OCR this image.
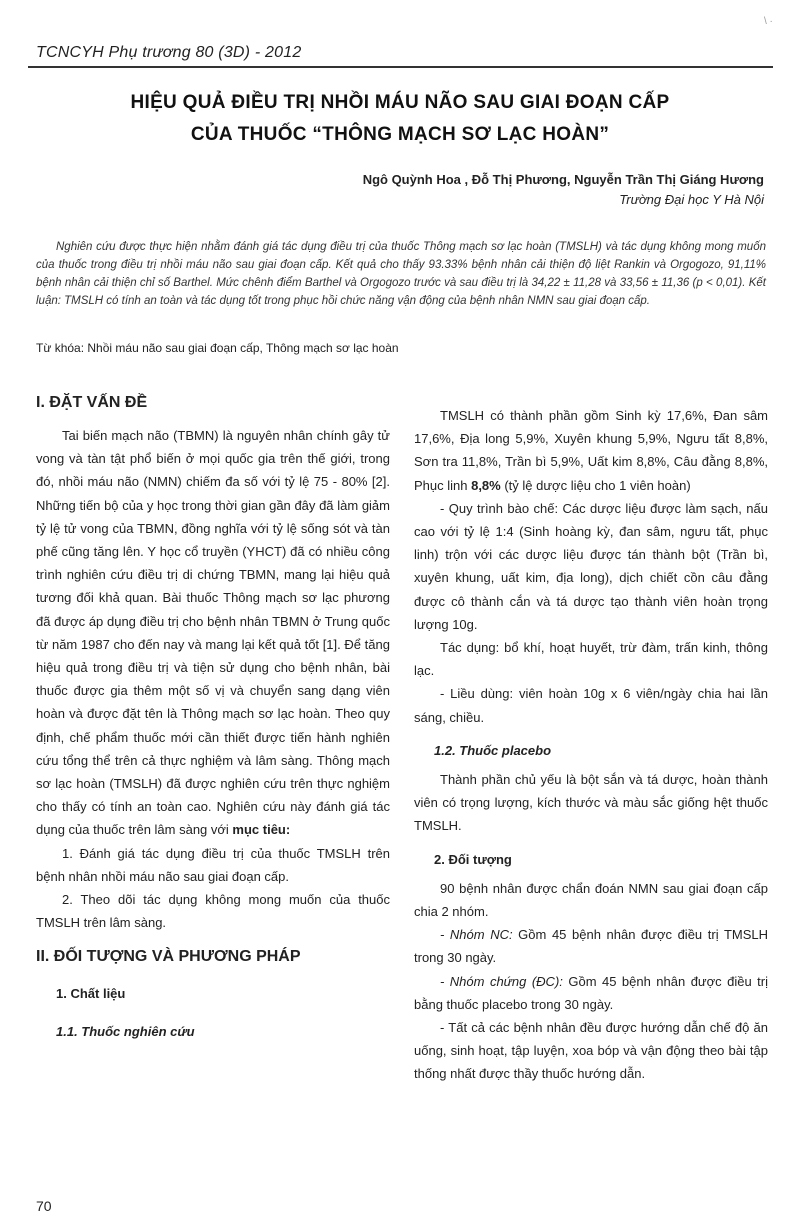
TCNCYH Phụ trương 80 (3D) - 2012
\ ·
HIỆU QUẢ ĐIỀU TRỊ NHỒI MÁU NÃO SAU GIAI ĐOẠN CẤP
CỦA THUỐC “THÔNG MẠCH SƠ LẠC HOÀN”
Ngô Quỳnh Hoa , Đỗ Thị Phương, Nguyễn Trần Thị Giáng Hương
Trường Đại học Y Hà Nội

Nghiên cứu được thực hiện nhằm đánh giá tác dụng điều trị của thuốc Thông mạch sơ lạc hoàn (TMSLH) và tác dụng không mong muốn của thuốc trong điều trị nhồi máu não sau giai đoạn cấp. Kết quả cho thấy 93.33% bệnh nhân cải thiện độ liệt Rankin và Orgogozo, 91,11% bệnh nhân cải thiện chỉ số Barthel. Mức chênh điểm Barthel và Orgogozo trước và sau điều trị là 34,22 ± 11,28 và 33,56 ± 11,36 (p < 0,01). Kết luận: TMSLH có tính an toàn và tác dụng tốt trong phục hồi chức năng vận động của bệnh nhân NMN sau giai đoạn cấp.

Từ khóa: Nhồi máu não sau giai đoạn cấp, Thông mạch sơ lạc hoàn
I. ĐẶT VẤN ĐỀ

Tai biến mạch não (TBMN) là nguyên nhân chính gây tử vong và tàn tật phổ biến ở mọi quốc gia trên thế giới, trong đó, nhồi máu não (NMN) chiếm đa số với tỷ lệ 75 - 80% [2]. Những tiến bộ của y học trong thời gian gần đây đã làm giảm tỷ lệ tử vong của TBMN, đồng nghĩa với tỷ lệ sống sót và tàn phế cũng tăng lên. Y học cổ truyền (YHCT) đã có nhiều công trình nghiên cứu điều trị di chứng TBMN, mang lại hiệu quả tương đối khả quan. Bài thuốc Thông mạch sơ lạc phương đã được áp dụng điều trị cho bệnh nhân TBMN ở Trung quốc từ năm 1987 cho đến nay và mang lại kết quả tốt [1]. Để tăng hiệu quả trong điều trị và tiện sử dụng cho bệnh nhân, bài thuốc được gia thêm một số vị và chuyển sang dạng viên hoàn và được đặt tên là Thông mạch sơ lạc hoàn. Theo quy định, chế phẩm thuốc mới cần thiết được tiến hành nghiên cứu tổng thể trên cả thực nghiệm và lâm sàng. Thông mạch sơ lạc hoàn (TMSLH) đã được nghiên cứu trên thực nghiệm cho thấy có tính an toàn cao. Nghiên cứu này đánh giá tác dụng của thuốc trên lâm sàng với mục tiêu:

1. Đánh giá tác dụng điều trị của thuốc TMSLH trên bệnh nhân nhồi máu não sau giai đoạn cấp.

2. Theo dõi tác dụng không mong muốn của thuốc TMSLH trên lâm sàng.

II. ĐỐI TƯỢNG VÀ PHƯƠNG PHÁP
1. Chất liệu
1.1. Thuốc nghiên cứu

TMSLH có thành phần gồm Sinh kỳ 17,6%, Đan sâm 17,6%, Địa long 5,9%, Xuyên khung 5,9%, Ngưu tất 8,8%, Sơn tra 11,8%, Trần bì 5,9%, Uất kim 8,8%, Câu đằng 8,8%, Phục linh 8,8% (tỷ lệ dược liệu cho 1 viên hoàn)

- Quy trình bào chế: Các dược liệu được làm sạch, nấu cao với tỷ lệ 1:4 (Sinh hoàng kỳ, đan sâm, ngưu tất, phục linh) trộn với các dược liệu được tán thành bột (Trần bì, xuyên khung, uất kim, địa long), dịch chiết cồn câu đằng được cô thành cắn và tá dược tạo thành viên hoàn trọng lượng 10g.

Tác dụng: bổ khí, hoạt huyết, trừ đàm, trấn kinh, thông lạc.

- Liều dùng: viên hoàn 10g x 6 viên/ngày chia hai lần sáng, chiều.

1.2. Thuốc placebo

Thành phần chủ yếu là bột sắn và tá dược, hoàn thành viên có trọng lượng, kích thước và màu sắc giống hệt thuốc TMSLH.

2. Đối tượng

90 bệnh nhân được chẩn đoán NMN sau giai đoạn cấp chia 2 nhóm.

- Nhóm NC: Gồm 45 bệnh nhân được điều trị TMSLH trong 30 ngày.

- Nhóm chứng (ĐC): Gồm 45 bệnh nhân được điều trị bằng thuốc placebo trong 30 ngày.

- Tất cả các bệnh nhân đều được hướng dẫn chế độ ăn uống, sinh hoạt, tập luyện, xoa bóp và vận động theo bài tập thống nhất được thầy thuốc hướng dẫn.

70
